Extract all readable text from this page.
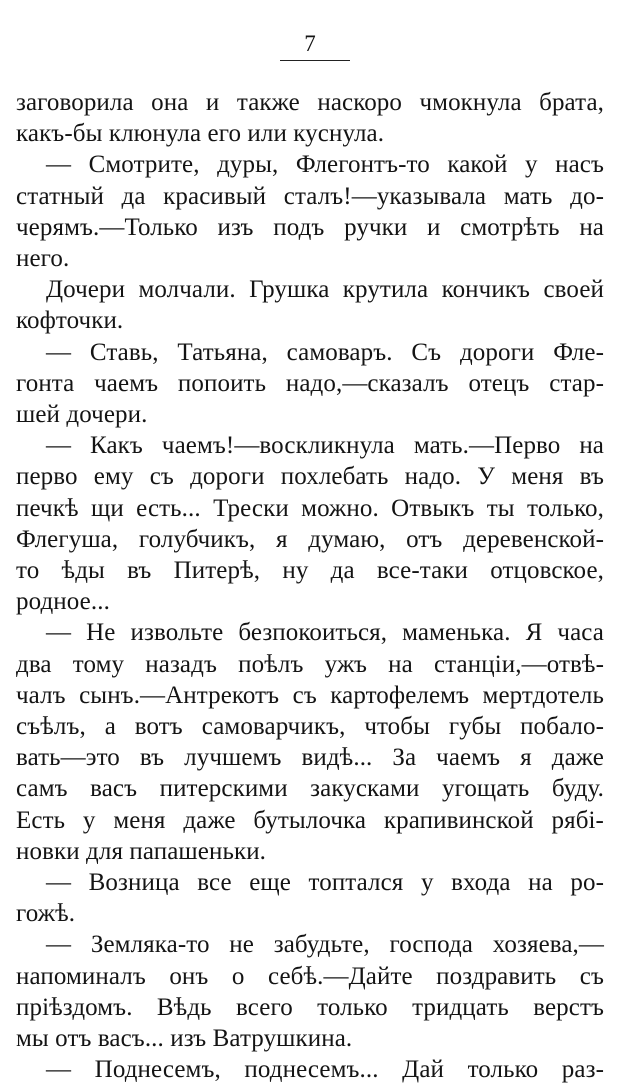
7
заговорила она и также наскоро чмокнула брата,
какъ-бы клюнула его или куснула.
— Смотрите, дуры, Флегонтъ-то какой у насъ
статный да красивый сталъ!—указывала мать до-
черямъ.—Только изъ подъ ручки и смотрѣть на
него.
Дочери молчали. Грушка крутила кончикъ своей
кофточки.
— Ставь, Татьяна, самоваръ. Съ дороги Фле-
гонта чаемъ попоить надо,—сказалъ отецъ стар-
шей дочери.
— Какъ чаемъ!—воскликнула мать.—Перво на
перво ему съ дороги похлебать надо. У меня въ
печкѣ щи есть... Трески можно. Отвыкъ ты только,
Флегуша, голубчикъ, я думаю, отъ деревенской-
то ѣды въ Питерѣ, ну да все-таки отцовское,
родное...
— Не извольте безпокоиться, маменька. Я часа
два тому назадъ поѣлъ ужъ на станціи,—отвѣ-
чалъ сынъ.—Антрекотъ съ картофелемъ мертдотель
съѣлъ, а вотъ самоварчикъ, чтобы губы побало-
вать—это въ лучшемъ видѣ... За чаемъ я даже
самъ васъ питерскими закусками угощать буду.
Есть у меня даже бутылочка крапивинской рябі-
новки для папашеньки.
— Возница все еще топтался у входа на ро-
гожѣ.
— Земляка-то не забудьте, господа хозяева,—
напоминалъ онъ о себѣ.—Дайте поздравить съ
пріѣздомъ. Вѣдь всего только тридцать верстъ
мы отъ васъ... изъ Ватрушкина.
— Поднесемъ, поднесемъ... Дай только раз-
